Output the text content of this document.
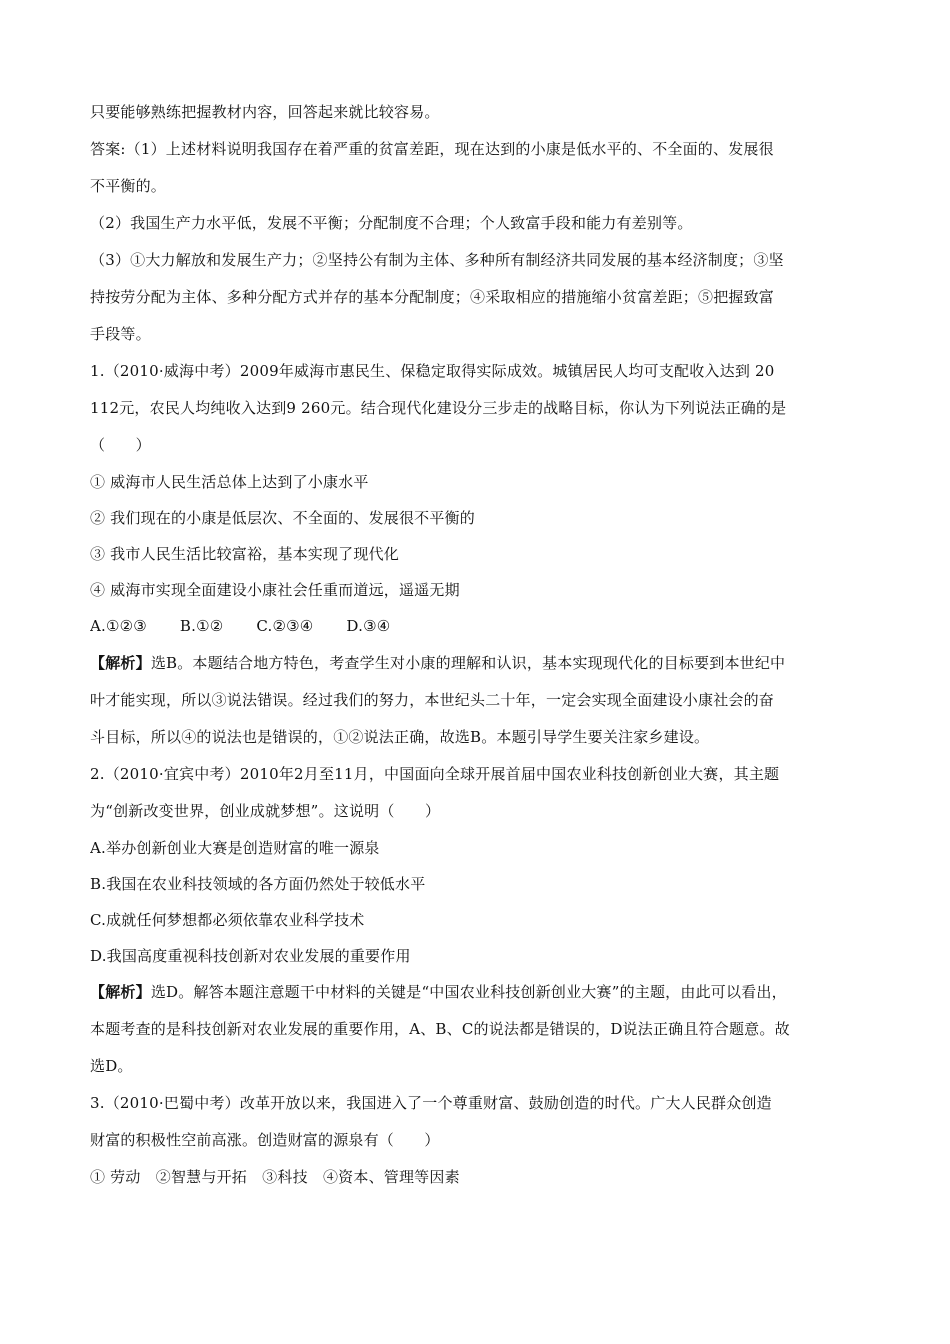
只要能够熟练把握教材内容，回答起来就比较容易。
答案:（1）上述材料说明我国存在着严重的贫富差距，现在达到的小康是低水平的、不全面的、发展很
不平衡的。
（2）我国生产力水平低，发展不平衡；分配制度不合理；个人致富手段和能力有差别等。
（3）①大力解放和发展生产力；②坚持公有制为主体、多种所有制经济共同发展的基本经济制度；③坚
持按劳分配为主体、多种分配方式并存的基本分配制度；④采取相应的措施缩小贫富差距；⑤把握致富
手段等。
1.（2010·威海中考）2009年威海市惠民生、保稳定取得实际成效。城镇居民人均可支配收入达到 20
112元，农民人均纯收入达到9 260元。结合现代化建设分三步走的战略目标，你认为下列说法正确的是
（　　）
① 威海市人民生活总体上达到了小康水平
② 我们现在的小康是低层次、不全面的、发展很不平衡的
③ 我市人民生活比较富裕，基本实现了现代化
④ 威海市实现全面建设小康社会任重而道远，遥遥无期
A.①②③ B.①② C.②③④ D.③④
【解析】选B。本题结合地方特色，考查学生对小康的理解和认识，基本实现现代化的目标要到本世纪中
叶才能实现，所以③说法错误。经过我们的努力，本世纪头二十年，一定会实现全面建设小康社会的奋
斗目标，所以④的说法也是错误的，①②说法正确，故选B。本题引导学生要关注家乡建设。
2.（2010·宜宾中考）2010年2月至11月，中国面向全球开展首届中国农业科技创新创业大赛，其主题
为“创新改变世界，创业成就梦想”。这说明（　　）
A.举办创新创业大赛是创造财富的唯一源泉
B.我国在农业科技领域的各方面仍然处于较低水平
C.成就任何梦想都必须依靠农业科学技术
D.我国高度重视科技创新对农业发展的重要作用
【解析】选D。解答本题注意题干中材料的关键是“中国农业科技创新创业大赛”的主题，由此可以看出，
本题考查的是科技创新对农业发展的重要作用，A、B、C的说法都是错误的，D说法正确且符合题意。故
选D。
3.（2010·巴蜀中考）改革开放以来，我国进入了一个尊重财富、鼓励创造的时代。广大人民群众创造
财富的积极性空前高涨。创造财富的源泉有（　　）
① 劳动　②智慧与开拓　③科技　④资本、管理等因素
